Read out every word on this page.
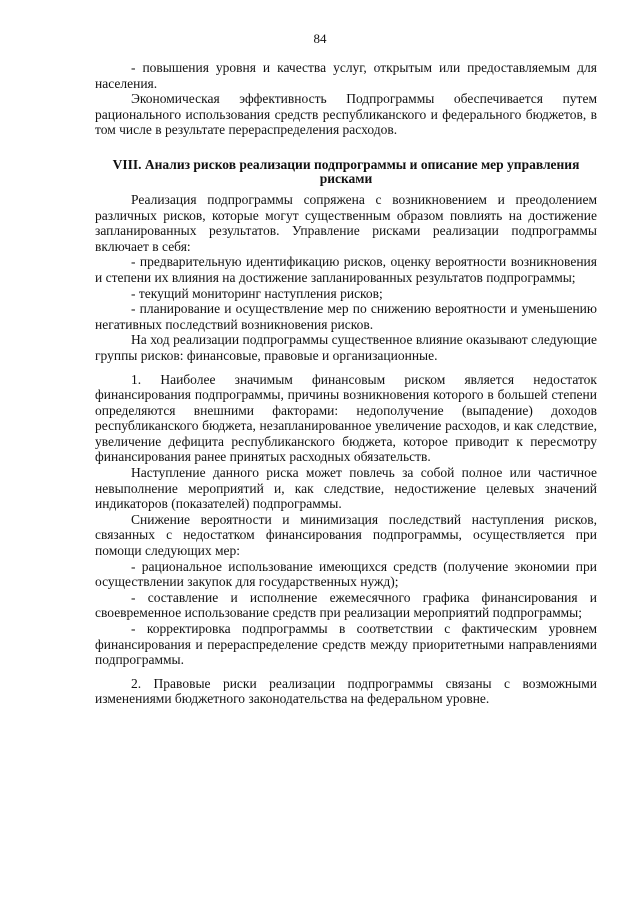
84

- повышения уровня и качества услуг, открытым или предоставляемым для населения.

Экономическая эффективность Подпрограммы обеспечивается путем рационального использования средств республиканского и федерального бюджетов, в том числе в результате перераспределения расходов.

VIII. Анализ рисков реализации подпрограммы и описание мер управления рисками

Реализация подпрограммы сопряжена с возникновением и преодолением различных рисков, которые могут существенным образом повлиять на достижение запланированных результатов. Управление рисками реализации подпрограммы включает в себя:

- предварительную идентификацию рисков, оценку вероятности возникновения и степени их влияния на достижение запланированных результатов подпрограммы;

- текущий мониторинг наступления рисков;

- планирование и осуществление мер по снижению вероятности и уменьшению негативных последствий возникновения рисков.

На ход реализации подпрограммы существенное влияние оказывают следующие группы рисков: финансовые, правовые и организационные.

1. Наиболее значимым финансовым риском является недостаток финансирования подпрограммы, причины возникновения которого в большей степени определяются внешними факторами: недополучение (выпадение) доходов республиканского бюджета, незапланированное увеличение расходов, и как следствие, увеличение дефицита республиканского бюджета, которое приводит к пересмотру финансирования ранее принятых расходных обязательств.

Наступление данного риска может повлечь за собой полное или частичное невыполнение мероприятий и, как следствие, недостижение целевых значений индикаторов (показателей) подпрограммы.

Снижение вероятности и минимизация последствий наступления рисков, связанных с недостатком финансирования подпрограммы, осуществляется при помощи следующих мер:

- рациональное использование имеющихся средств (получение экономии при осуществлении закупок для государственных нужд);

- составление и исполнение ежемесячного графика финансирования и своевременное использование средств при реализации мероприятий подпрограммы;

- корректировка подпрограммы в соответствии с фактическим уровнем финансирования и перераспределение средств между приоритетными направлениями подпрограммы.

2. Правовые риски реализации подпрограммы связаны с возможными изменениями бюджетного законодательства на федеральном уровне.
